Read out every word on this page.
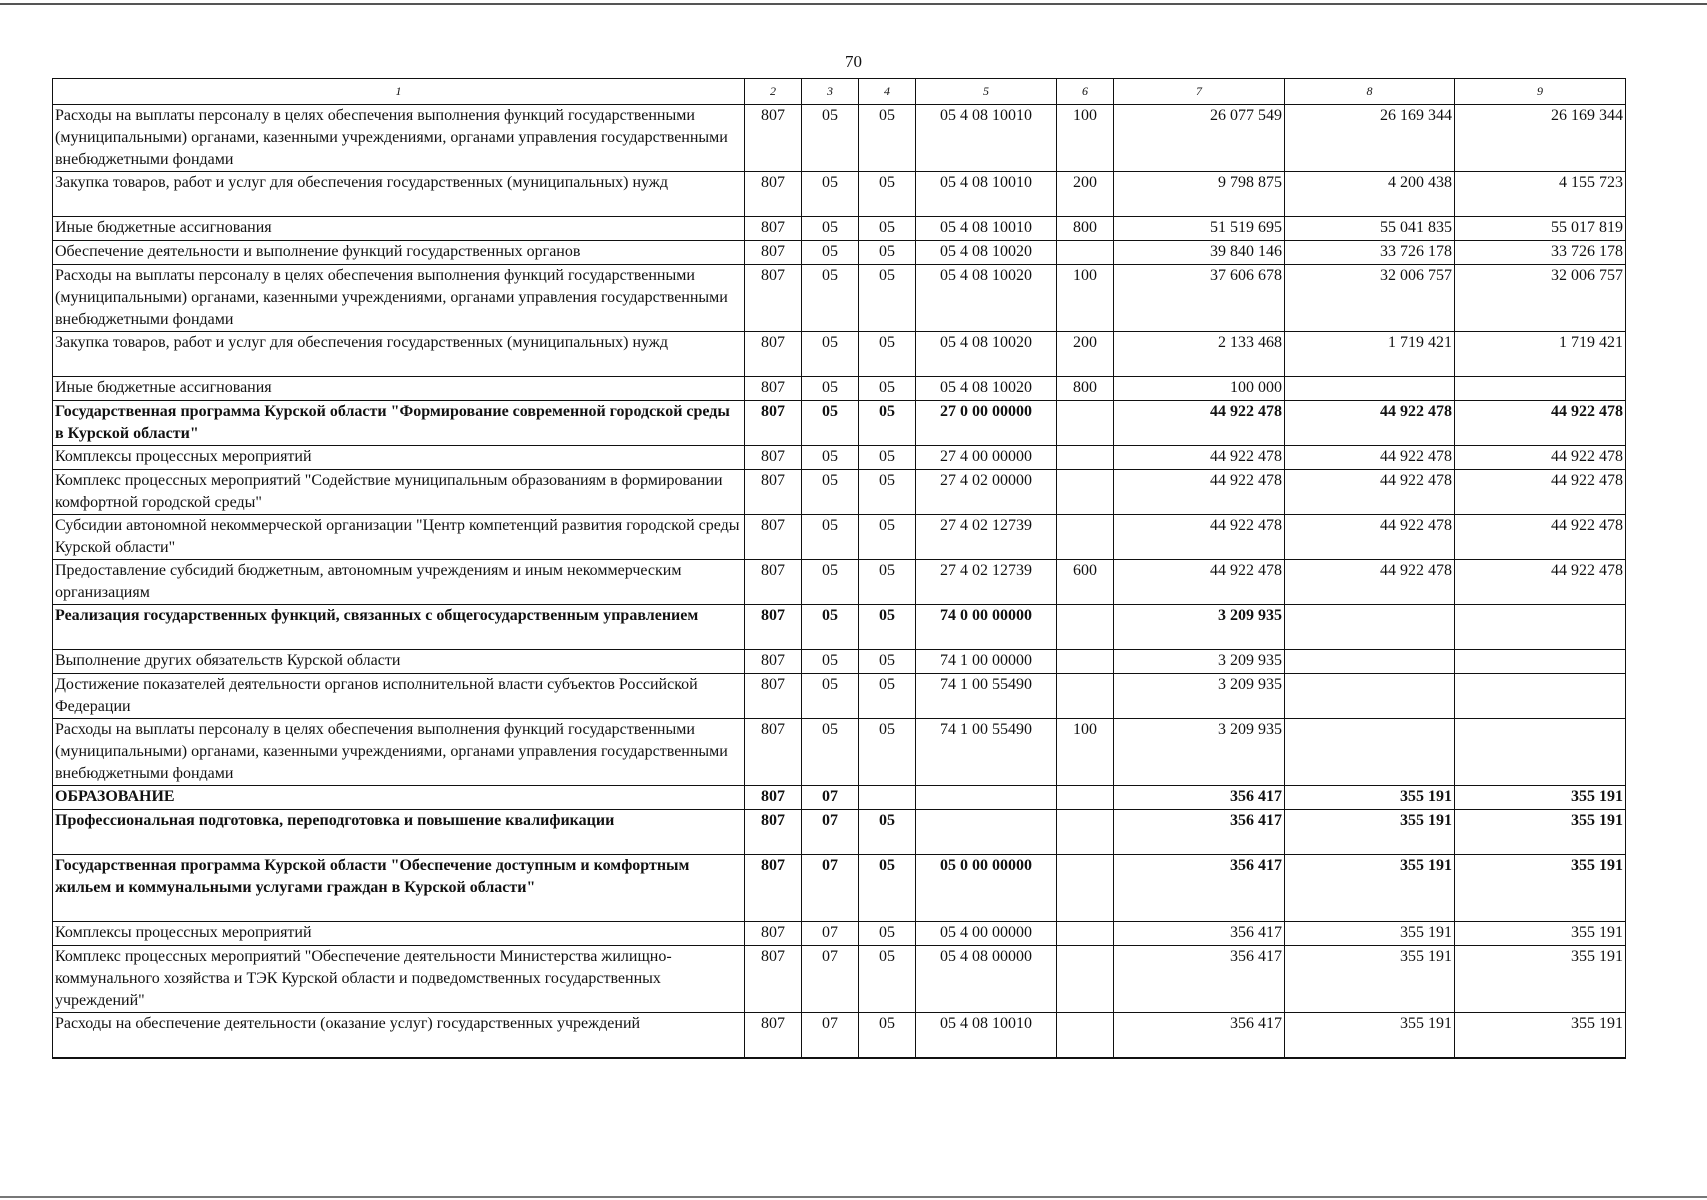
70
1	2	3	4	5	6	7	8	9
Расходы на выплаты персоналу в целях обеспечения выполнения функций государственными (муниципальными) органами, казенными учреждениями, органами управления государственными внебюджетными фондами	807	05	05	05 4 08 10010	100	26 077 549	26 169 344	26 169 344
Закупка товаров, работ и услуг для обеспечения государственных (муниципальных) нужд	807	05	05	05 4 08 10010	200	9 798 875	4 200 438	4 155 723
Иные бюджетные ассигнования	807	05	05	05 4 08 10010	800	51 519 695	55 041 835	55 017 819
Обеспечение деятельности и выполнение функций государственных органов	807	05	05	05 4 08 10020		39 840 146	33 726 178	33 726 178
Расходы на выплаты персоналу в целях обеспечения выполнения функций государственными (муниципальными) органами, казенными учреждениями, органами управления государственными внебюджетными фондами	807	05	05	05 4 08 10020	100	37 606 678	32 006 757	32 006 757
Закупка товаров, работ и услуг для обеспечения государственных (муниципальных) нужд	807	05	05	05 4 08 10020	200	2 133 468	1 719 421	1 719 421
Иные бюджетные ассигнования	807	05	05	05 4 08 10020	800	100 000		
Государственная программа Курской области "Формирование современной городской среды в Курской области"	807	05	05	27 0 00 00000		44 922 478	44 922 478	44 922 478
Комплексы процессных мероприятий	807	05	05	27 4 00 00000		44 922 478	44 922 478	44 922 478
Комплекс процессных мероприятий "Содействие муниципальным образованиям в формировании комфортной городской среды"	807	05	05	27 4 02 00000		44 922 478	44 922 478	44 922 478
Субсидии автономной некоммерческой организации "Центр компетенций развития городской среды Курской области"	807	05	05	27 4 02 12739		44 922 478	44 922 478	44 922 478
Предоставление субсидий бюджетным, автономным учреждениям и иным некоммерческим организациям	807	05	05	27 4 02 12739	600	44 922 478	44 922 478	44 922 478
Реализация государственных функций, связанных с общегосударственным управлением	807	05	05	74 0 00 00000		3 209 935		
Выполнение других обязательств Курской области	807	05	05	74 1 00 00000		3 209 935		
Достижение показателей деятельности органов исполнительной власти субъектов Российской Федерации	807	05	05	74 1 00 55490		3 209 935		
Расходы на выплаты персоналу в целях обеспечения выполнения функций государственными (муниципальными) органами, казенными учреждениями, органами управления государственными внебюджетными фондами	807	05	05	74 1 00 55490	100	3 209 935		
ОБРАЗОВАНИЕ	807	07				356 417	355 191	355 191
Профессиональная подготовка, переподготовка и повышение квалификации	807	07	05			356 417	355 191	355 191
Государственная программа Курской области "Обеспечение доступным и комфортным жильем и коммунальными услугами граждан в Курской области"	807	07	05	05 0 00 00000		356 417	355 191	355 191
Комплексы процессных мероприятий	807	07	05	05 4 00 00000		356 417	355 191	355 191
Комплекс процессных мероприятий "Обеспечение деятельности Министерства жилищно-коммунального хозяйства и ТЭК Курской области и подведомственных государственных учреждений"	807	07	05	05 4 08 00000		356 417	355 191	355 191
Расходы на обеспечение деятельности (оказание услуг) государственных учреждений	807	07	05	05 4 08 10010		356 417	355 191	355 191
